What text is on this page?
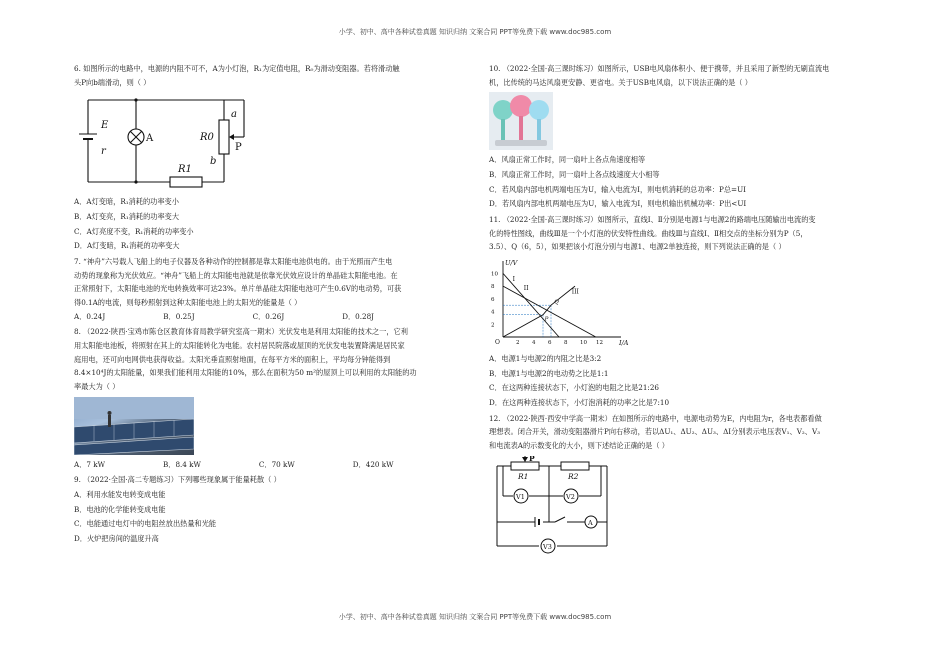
小学、初中、高中各种试卷真题 知识归纳 文案合同 PPT等免费下载 www.doc985.com

6. 如图所示的电路中，电源的内阻不可不，A为小灯泡，R₁为定值电阻，R₀为滑动变阻器。若将滑动触

头P向b端滑动，则（ ）

E
r
A	R0
a
b
P
R1

A．A灯变暗，R₁消耗的功率变小

B．A灯变亮，R₁消耗的功率变大

C．A灯亮度不变，R₁消耗的功率变小

D．A灯变暗，R₁消耗的功率变大

7. “神舟”六号载人飞船上的电子仪器及各种动作的控制都是靠太阳能电池供电的。由于光照而产生电

动势的现象称为光伏效应。“神舟”飞船上的太阳能电池就是依靠光伏效应设计的单晶硅太阳能电池。在

正常照射下，太阳能电池的光电转换效率可达23%。单片单晶硅太阳能电池可产生0.6V的电动势，可获

得0.1A的电流，则每秒照射到这种太阳能电池上的太阳光的能量是（ ）

A．0.24J	B．0.25J	C．0.26J	D．0.28J

8. （2022·陕西·宝鸡市陈仓区教育体育局教学研究室高一期末）光伏发电是利用太阳能的技术之一，它利

用太阳能电池板，将照射在其上的太阳能转化为电能。农村居民院落或屋顶的光伏发电装置降满是居民家

庭用电，还可向电网供电获得收益。太阳光垂直照射地面，在每平方米的面积上，平均每分钟能得到

8.4×10⁴J的太阳能量，如果我们能利用太阳能的10%，那么在面积为50 m²的屋顶上可以利用的太阳能的功

率最大为（ ）

A．7 kW	B．8.4 kW	C．70 kW	D．420 kW

9. （2022·全国·高二专题练习）下列哪些现象属于能量耗散（ ）

A．利用水能发电转变成电能

B．电池的化学能转变成电能

C．电能通过电灯中的电阻丝放出热量和光能

D．火炉把房间的温度升高

10. （2022·全国·高三课时练习）如图所示，USB电风扇体积小、便于携带，并且采用了新型的无刷直流电

机，比传统的马达风扇更安静、更省电。关于USB电风扇，以下说法正确的是（ ）

A．风扇正常工作时，同一扇叶上各点角速度相等

B．风扇正常工作时，同一扇叶上各点线速度大小相等

C．若风扇内部电机两端电压为U，输入电流为I，则电机消耗的总功率：P总=UI

D．若风扇内部电机两端电压为U，输入电流为I，则电机输出机械功率：P出<UI

11. （2022·全国·高三课时练习）如图所示，直线Ⅰ、Ⅱ分别是电源1与电源2的路端电压随输出电流的变

化的特性图线，曲线Ⅲ是一个小灯泡的伏安特性曲线。曲线Ⅲ与直线Ⅰ、Ⅱ相交点的坐标分别为P（5，

3.5）、Q（6，5），如果把该小灯泡分别与电源1、电源2单独连接，则下列说法正确的是（ ）

U/V
I/A
O
10
8
6
4
2
2 4 6 8 10 12
I
II
III
P
Q

A．电源1与电源2的内阻之比是3:2

B．电源1与电源2的电动势之比是1:1

C．在这两种连接状态下，小灯泡的电阻之比是21:26

D．在这两种连接状态下，小灯泡消耗的功率之比是7:10

12. （2022·陕西·西安中学高一期末）在如图所示的电路中，电源电动势为E，内电阻为r，各电表都看做

理想表。闭合开关，滑动变阻器滑片P向右移动，若以ΔU₁、ΔU₂、ΔU₃、ΔI分别表示电压表V₁、V₂、V₃

和电流表A的示数变化的大小，则下述结论正确的是（ ）

P
R1	R2
V1	V2
A
V3
小学、初中、高中各种试卷真题 知识归纳 文案合同 PPT等免费下载 www.doc985.com
